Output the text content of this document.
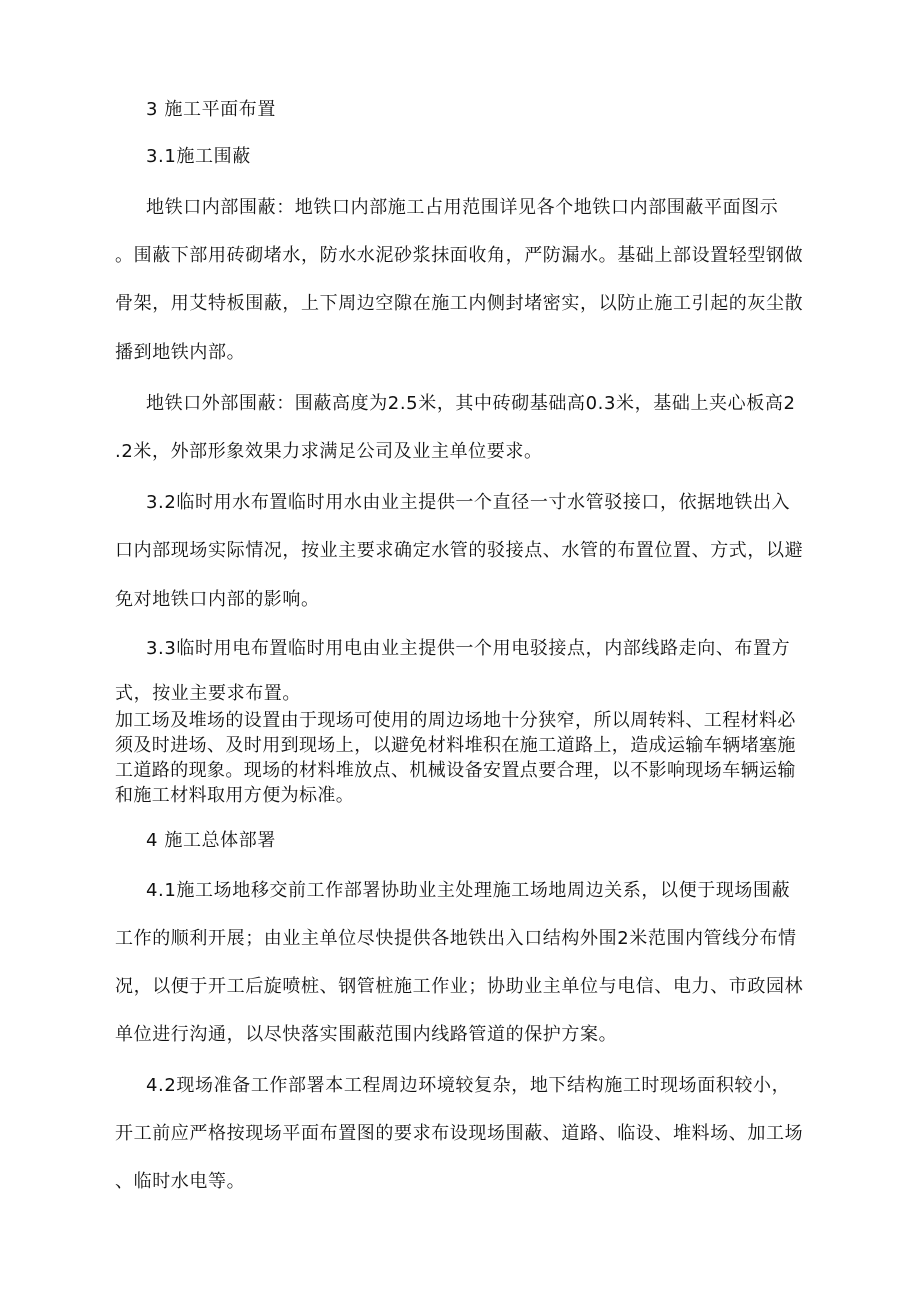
3 施工平面布置
3.1施工围蔽
地铁口内部围蔽：地铁口内部施工占用范围详见各个地铁口内部围蔽平面图示
。围蔽下部用砖砌堵水，防水水泥砂浆抹面收角，严防漏水。基础上部设置轻型钢做
骨架，用艾特板围蔽，上下周边空隙在施工内侧封堵密实，以防止施工引起的灰尘散
播到地铁内部。
地铁口外部围蔽：围蔽高度为2.5米，其中砖砌基础高0.3米，基础上夹心板高2
.2米，外部形象效果力求满足公司及业主单位要求。
3.2临时用水布置临时用水由业主提供一个直径一寸水管驳接口，依据地铁出入
口内部现场实际情况，按业主要求确定水管的驳接点、水管的布置位置、方式，以避
免对地铁口内部的影响。
3.3临时用电布置临时用电由业主提供一个用电驳接点，内部线路走向、布置方
式，按业主要求布置。
加工场及堆场的设置由于现场可使用的周边场地十分狭窄，所以周转料、工程材料必
须及时进场、及时用到现场上，以避免材料堆积在施工道路上，造成运输车辆堵塞施
工道路的现象。现场的材料堆放点、机械设备安置点要合理，以不影响现场车辆运输
和施工材料取用方便为标准。
4 施工总体部署
4.1施工场地移交前工作部署协助业主处理施工场地周边关系，以便于现场围蔽
工作的顺利开展；由业主单位尽快提供各地铁出入口结构外围2米范围内管线分布情
况，以便于开工后旋喷桩、钢管桩施工作业；协助业主单位与电信、电力、市政园林
单位进行沟通，以尽快落实围蔽范围内线路管道的保护方案。
4.2现场准备工作部署本工程周边环境较复杂，地下结构施工时现场面积较小，
开工前应严格按现场平面布置图的要求布设现场围蔽、道路、临设、堆料场、加工场
、临时水电等。
